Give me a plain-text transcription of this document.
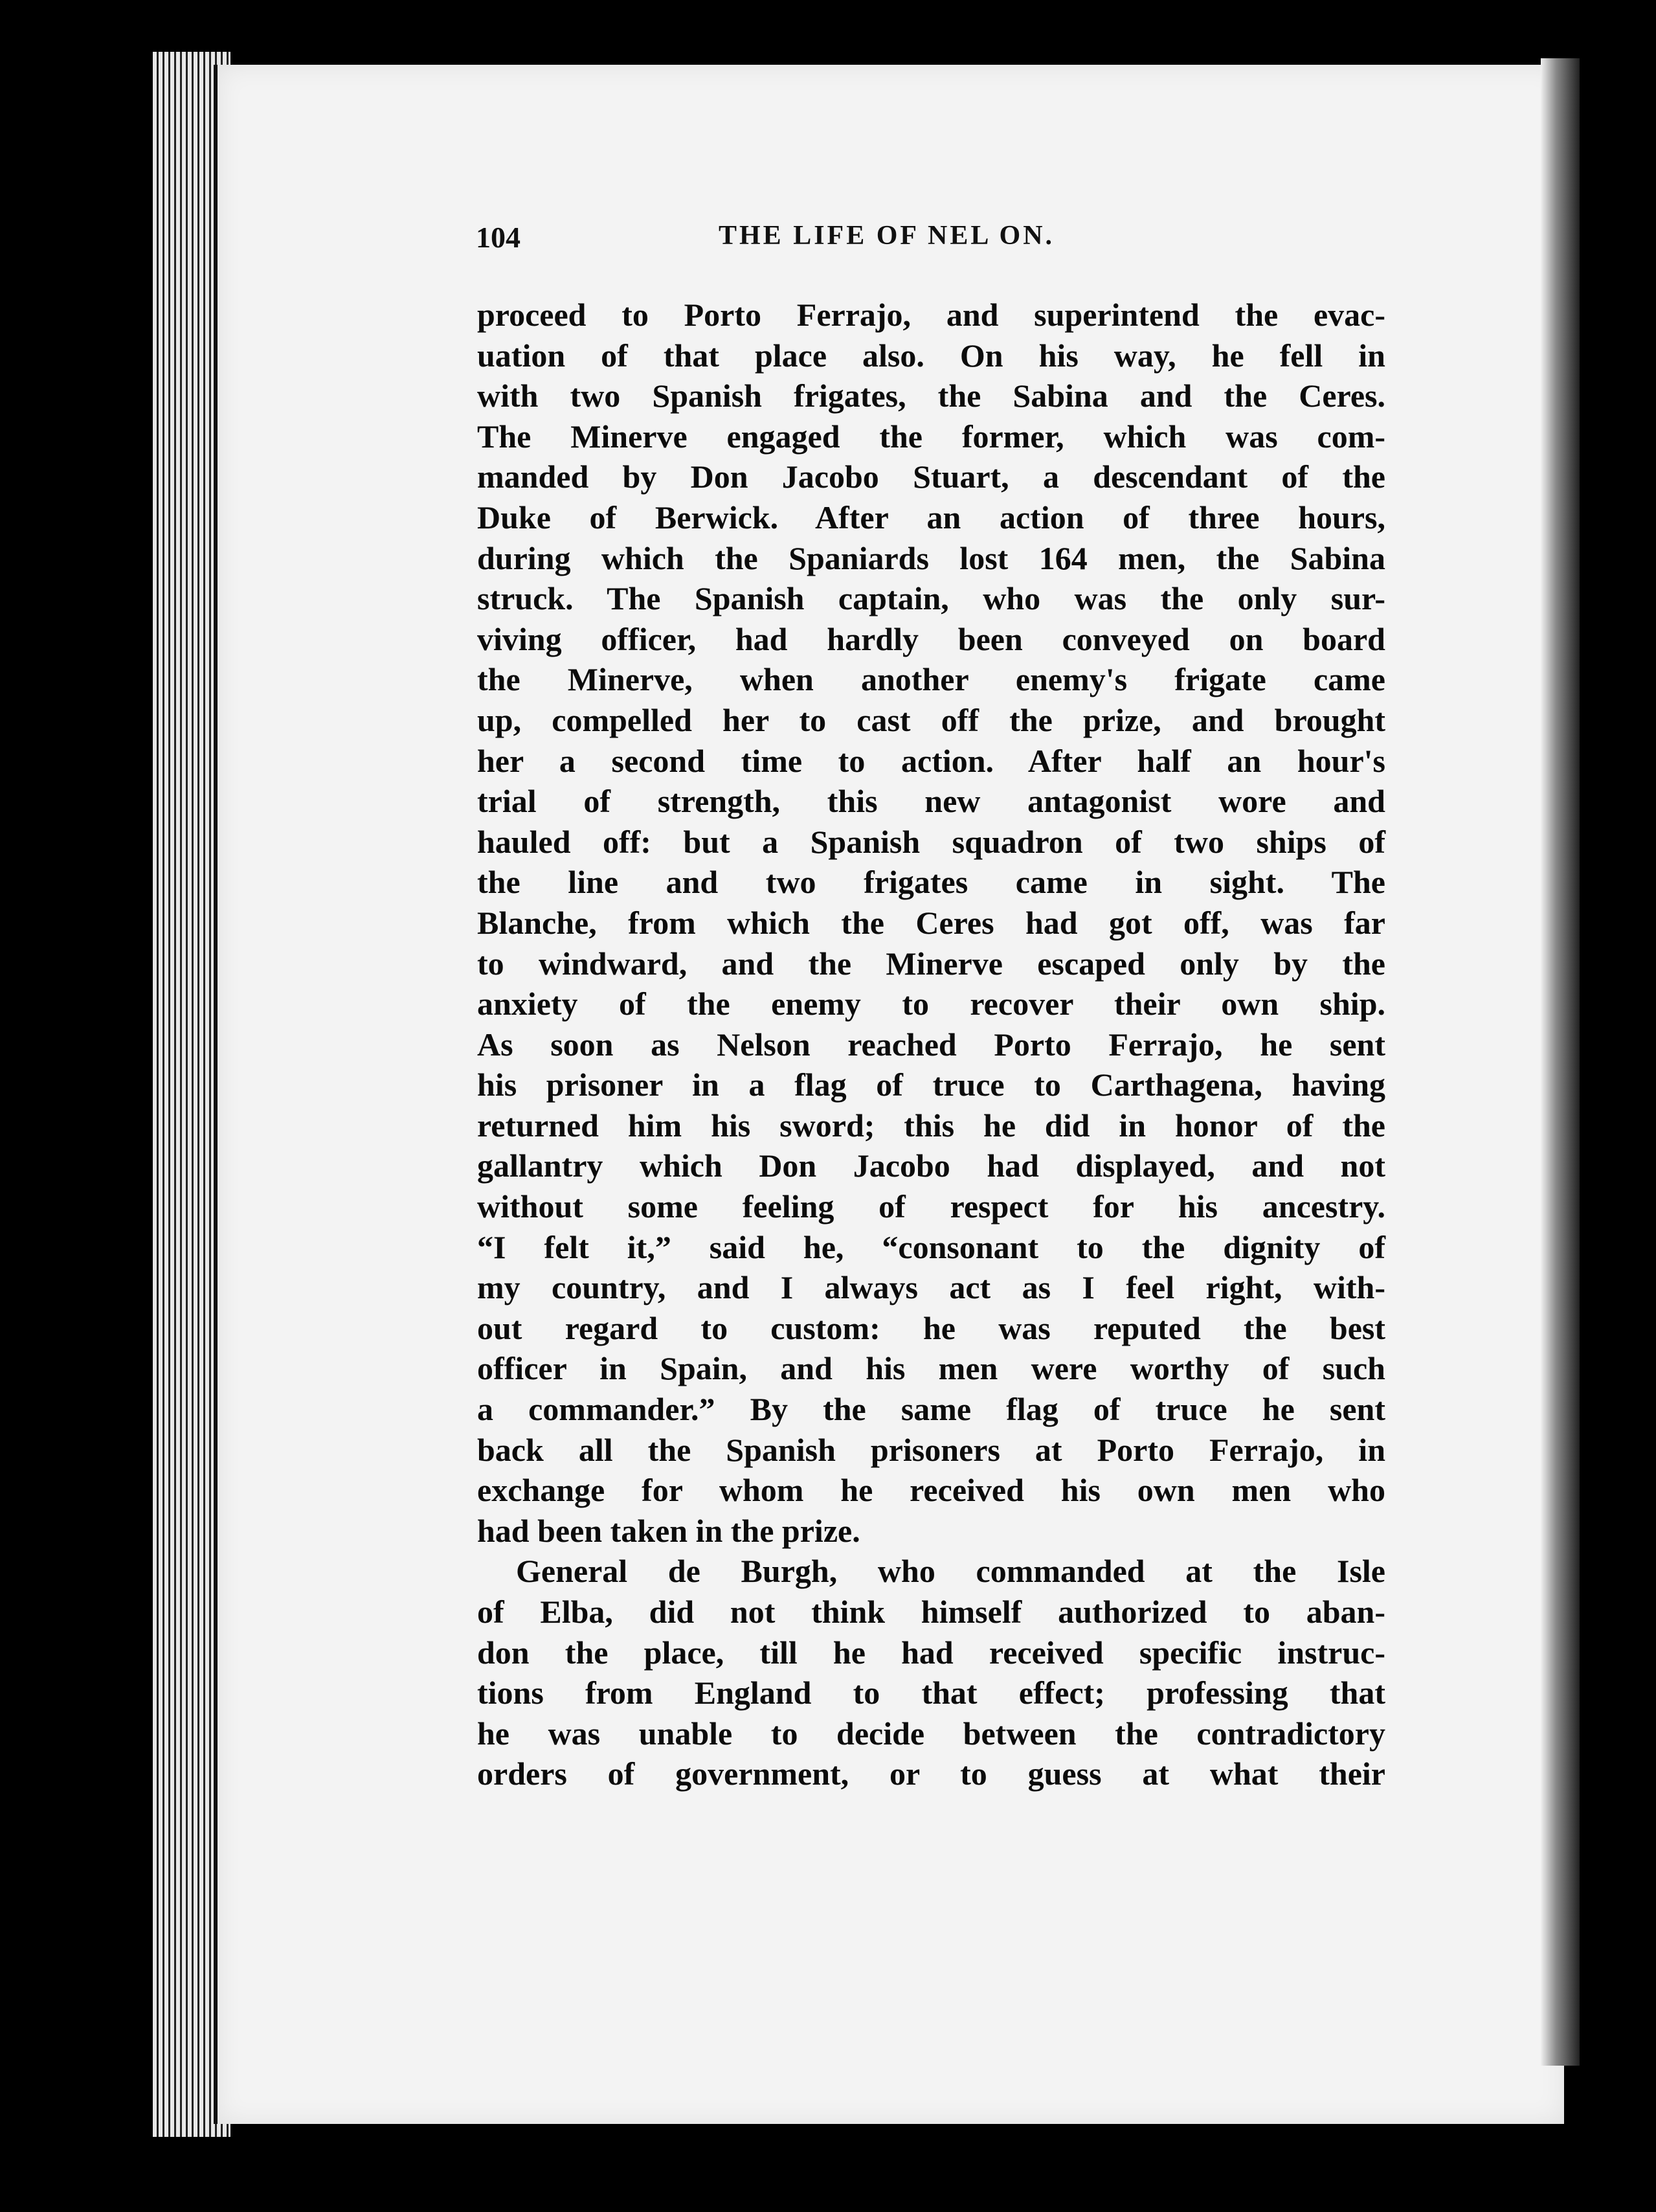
104	THE LIFE OF NEL ON.
proceed to Porto Ferrajo, and superintend the evac-
uation of that place also. On his way, he fell in
with two Spanish frigates, the Sabina and the Ceres.
The Minerve engaged the former, which was com-
manded by Don Jacobo Stuart, a descendant of the
Duke of Berwick. After an action of three hours,
during which the Spaniards lost 164 men, the Sabina
struck. The Spanish captain, who was the only sur-
viving officer, had hardly been conveyed on board
the Minerve, when another enemy's frigate came
up, compelled her to cast off the prize, and brought
her a second time to action. After half an hour's
trial of strength, this new antagonist wore and
hauled off: but a Spanish squadron of two ships of
the line and two frigates came in sight. The
Blanche, from which the Ceres had got off, was far
to windward, and the Minerve escaped only by the
anxiety of the enemy to recover their own ship.
As soon as Nelson reached Porto Ferrajo, he sent
his prisoner in a flag of truce to Carthagena, having
returned him his sword; this he did in honor of the
gallantry which Don Jacobo had displayed, and not
without some feeling of respect for his ancestry.
“I felt it,” said he, “consonant to the dignity of
my country, and I always act as I feel right, with-
out regard to custom: he was reputed the best
officer in Spain, and his men were worthy of such
a commander.” By the same flag of truce he sent
back all the Spanish prisoners at Porto Ferrajo, in
exchange for whom he received his own men who
had been taken in the prize.
General de Burgh, who commanded at the Isle
of Elba, did not think himself authorized to aban-
don the place, till he had received specific instruc-
tions from England to that effect; professing that
he was unable to decide between the contradictory
orders of government, or to guess at what their
